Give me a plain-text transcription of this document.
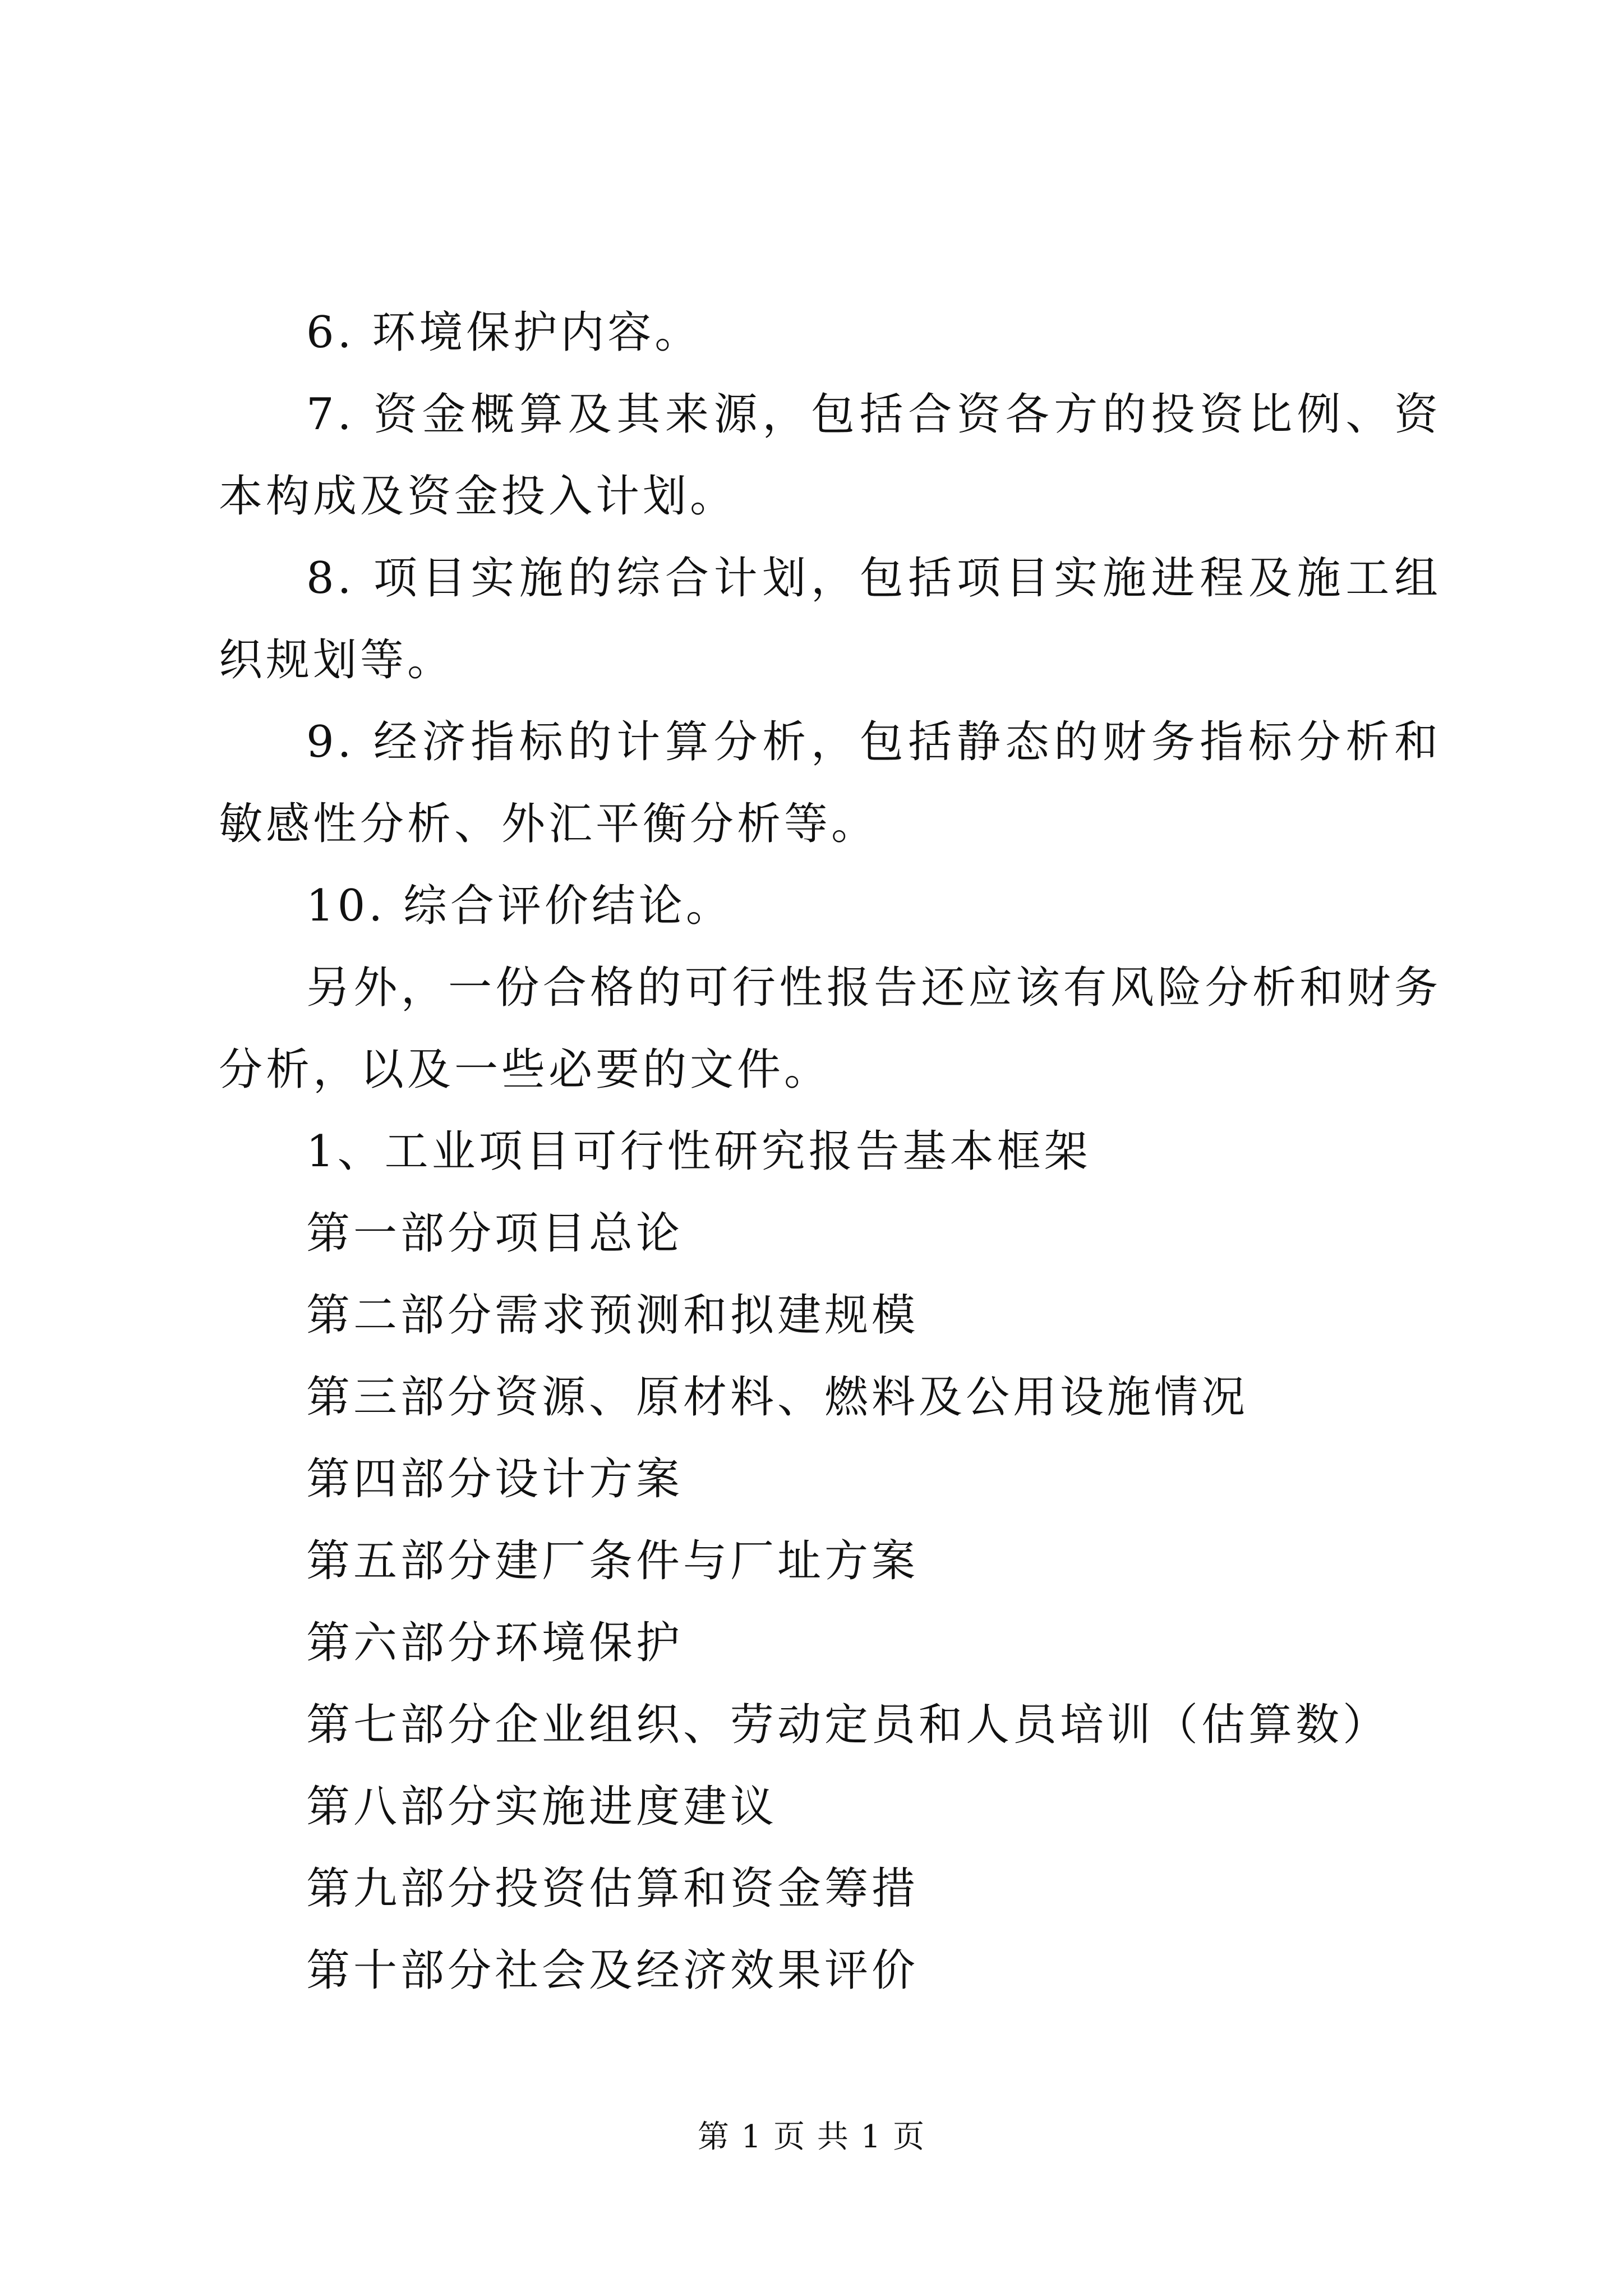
6. 环境保护内容。

7. 资金概算及其来源，包括合资各方的投资比例、资本构成及资金投入计划。

8. 项目实施的综合计划，包括项目实施进程及施工组织规划等。

9. 经济指标的计算分析，包括静态的财务指标分析和敏感性分析、外汇平衡分析等。

10. 综合评价结论。

另外，一份合格的可行性报告还应该有风险分析和财务分析，以及一些必要的文件。

1、工业项目可行性研究报告基本框架

第一部分项目总论

第二部分需求预测和拟建规模

第三部分资源、原材料、燃料及公用设施情况

第四部分设计方案

第五部分建厂条件与厂址方案

第六部分环境保护

第七部分企业组织、劳动定员和人员培训（估算数）

第八部分实施进度建议

第九部分投资估算和资金筹措

第十部分社会及经济效果评价

第 1 页 共 1 页
